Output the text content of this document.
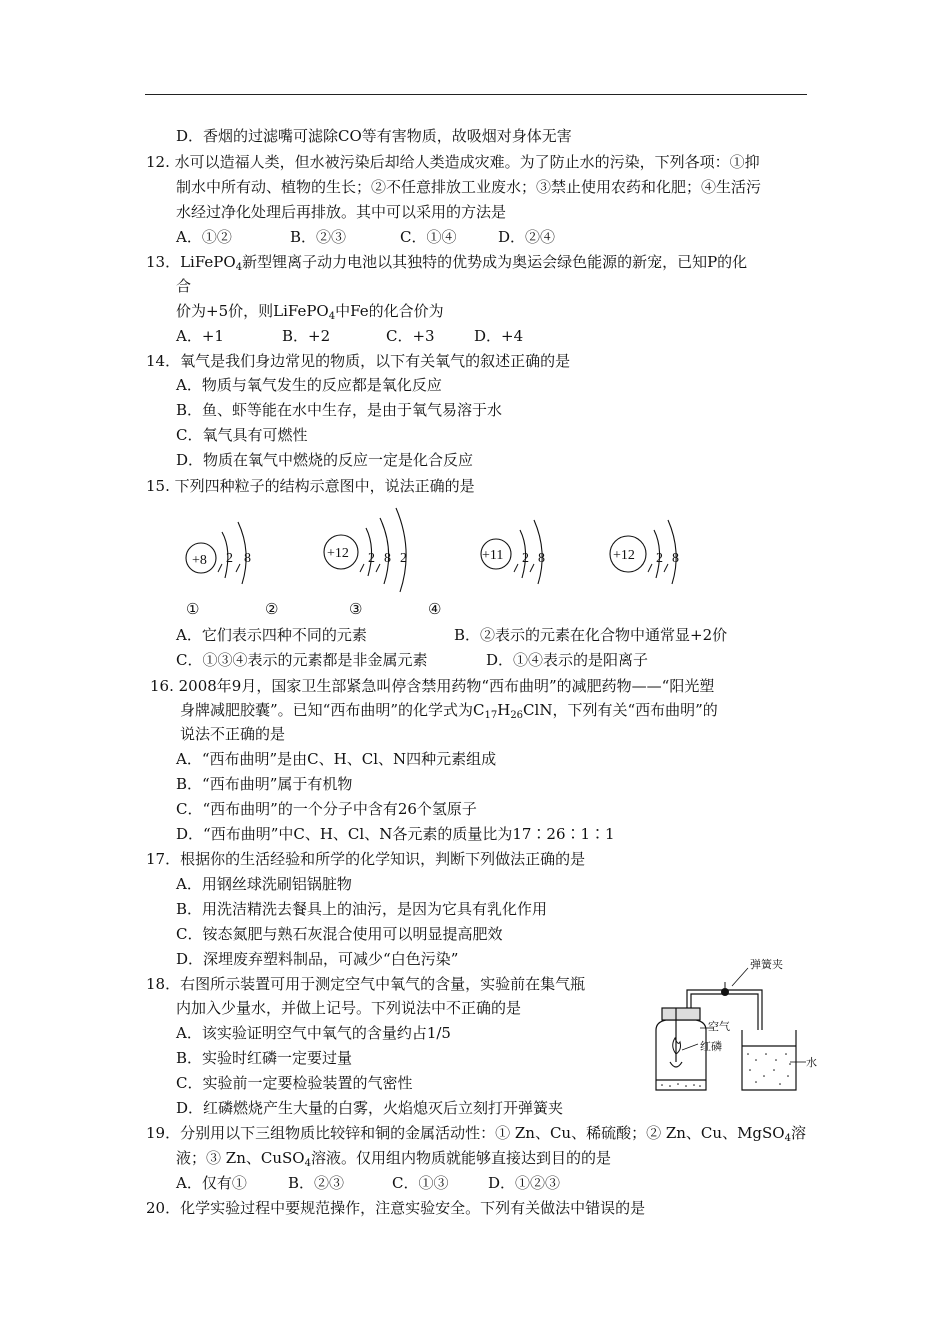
D．香烟的过滤嘴可滤除CO等有害物质，故吸烟对身体无害
12. 水可以造福人类，但水被污染后却给人类造成灾难。为了防止水的污染，下列各项：①抑
制水中所有动、植物的生长；②不任意排放工业废水；③禁止使用农药和化肥；④生活污
水经过净化处理后再排放。其中可以采用的方法是
A．①②	B．②③	C．①④	D．②④
13．LiFePO$_4$新型锂离子动力电池以其独特的优势成为奥运会绿色能源的新宠，已知P的化
合
价为+5价，则LiFePO$_4$中Fe的化合价为
A．+1	B．+2	C．+3	D．+4
14．氧气是我们身边常见的物质，以下有关氧气的叙述正确的是
A．物质与氧气发生的反应都是氧化反应
B．鱼、虾等能在水中生存，是由于氧气易溶于水
C．氧气具有可燃性
D．物质在氧气中燃烧的反应一定是化合反应
15. 下列四种粒子的结构示意图中，说法正确的是
+8 2 8	+12 2 8 2	+11 2 8	+12 2 8
①	②	③	④
A．它们表示四种不同的元素	B．②表示的元素在化合物中通常显+2价
C．①③④表示的元素都是非金属元素	D．①④表示的是阳离子
16. 2008年9月，国家卫生部紧急叫停含禁用药物“西布曲明”的减肥药物——“阳光塑
身牌减肥胶囊”。已知“西布曲明”的化学式为$C_{17}H_{26}ClN$，下列有关“西布曲明”的
说法不正确的是
A．“西布曲明”是由C、H、Cl、N四种元素组成
B．“西布曲明”属于有机物
C．“西布曲明”的一个分子中含有26个氢原子
D．“西布曲明”中C、H、Cl、N各元素的质量比为17∶26∶1∶1
17．根据你的生活经验和所学的化学知识，判断下列做法正确的是
A．用钢丝球洗刷铝锅脏物
B．用洗洁精洗去餐具上的油污，是因为它具有乳化作用
C．铵态氮肥与熟石灰混合使用可以明显提高肥效
D．深埋废弃塑料制品，可减少“白色污染”
18．右图所示装置可用于测定空气中氧气的含量，实验前在集气瓶
内加入少量水，并做上记号。下列说法中不正确的是
A．该实验证明空气中氧气的含量约占1/5
B．实验时红磷一定要过量
C．实验前一定要检验装置的气密性
D．红磷燃烧产生大量的白雾，火焰熄灭后立刻打开弹簧夹
弹簧夹
空气
红磷
水
19．分别用以下三组物质比较锌和铜的金属活动性：① Zn、Cu、稀硫酸；② Zn、Cu、MgSO$_4$溶
液；③ Zn、CuSO$_4$溶液。仅用组内物质就能够直接达到目的的是
A．仅有①	B．②③	C．①③	D．①②③
20．化学实验过程中要规范操作，注意实验安全。下列有关做法中错误的是
